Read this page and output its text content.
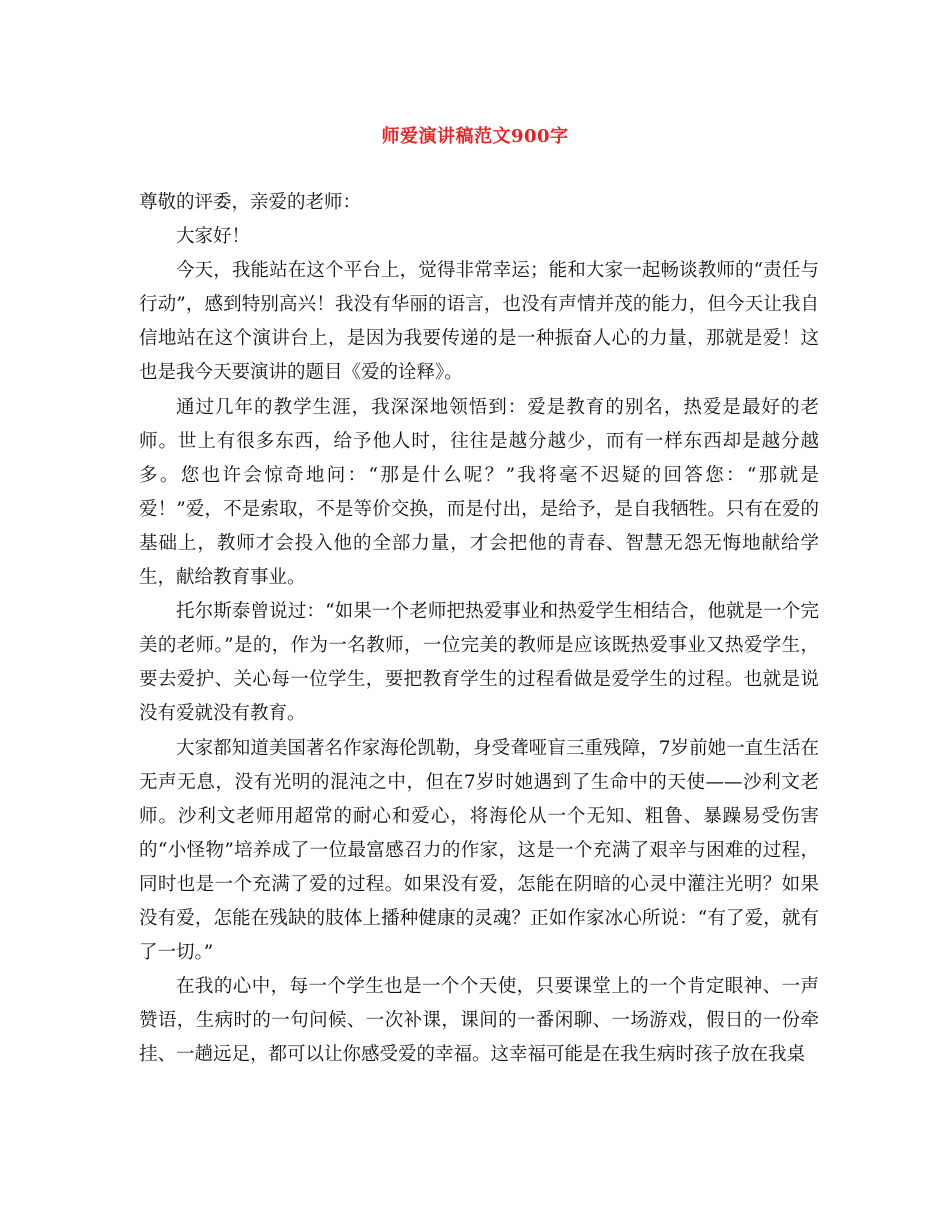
师爱演讲稿范文900字

尊敬的评委，亲爱的老师：

大家好！

今天，我能站在这个平台上，觉得非常幸运；能和大家一起畅谈教师的“责任与行动”，感到特别高兴！我没有华丽的语言，也没有声情并茂的能力，但今天让我自信地站在这个演讲台上，是因为我要传递的是一种振奋人心的力量，那就是爱！这也是我今天要演讲的题目《爱的诠释》。

通过几年的教学生涯，我深深地领悟到：爱是教育的别名，热爱是最好的老师。世上有很多东西，给予他人时，往往是越分越少，而有一样东西却是越分越多。您也许会惊奇地问：“那是什么呢？”我将毫不迟疑的回答您：“那就是爱！”爱，不是索取，不是等价交换，而是付出，是给予，是自我牺牲。只有在爱的基础上，教师才会投入他的全部力量，才会把他的青春、智慧无怨无悔地献给学生，献给教育事业。

托尔斯泰曾说过：“如果一个老师把热爱事业和热爱学生相结合，他就是一个完美的老师。”是的，作为一名教师，一位完美的教师是应该既热爱事业又热爱学生，要去爱护、关心每一位学生，要把教育学生的过程看做是爱学生的过程。也就是说没有爱就没有教育。

大家都知道美国著名作家海伦凯勒，身受聋哑盲三重残障，7岁前她一直生活在无声无息，没有光明的混沌之中，但在7岁时她遇到了生命中的天使——沙利文老师。沙利文老师用超常的耐心和爱心，将海伦从一个无知、粗鲁、暴躁易受伤害的“小怪物”培养成了一位最富感召力的作家，这是一个充满了艰辛与困难的过程，同时也是一个充满了爱的过程。如果没有爱，怎能在阴暗的心灵中灌注光明？如果没有爱，怎能在残缺的肢体上播种健康的灵魂？正如作家冰心所说：“有了爱，就有了一切。”

在我的心中，每一个学生也是一个个天使，只要课堂上的一个肯定眼神、一声赞语，生病时的一句问候、一次补课，课间的一番闲聊、一场游戏，假日的一份牵挂、一趟远足，都可以让你感受爱的幸福。这幸福可能是在我生病时孩子放在我桌
